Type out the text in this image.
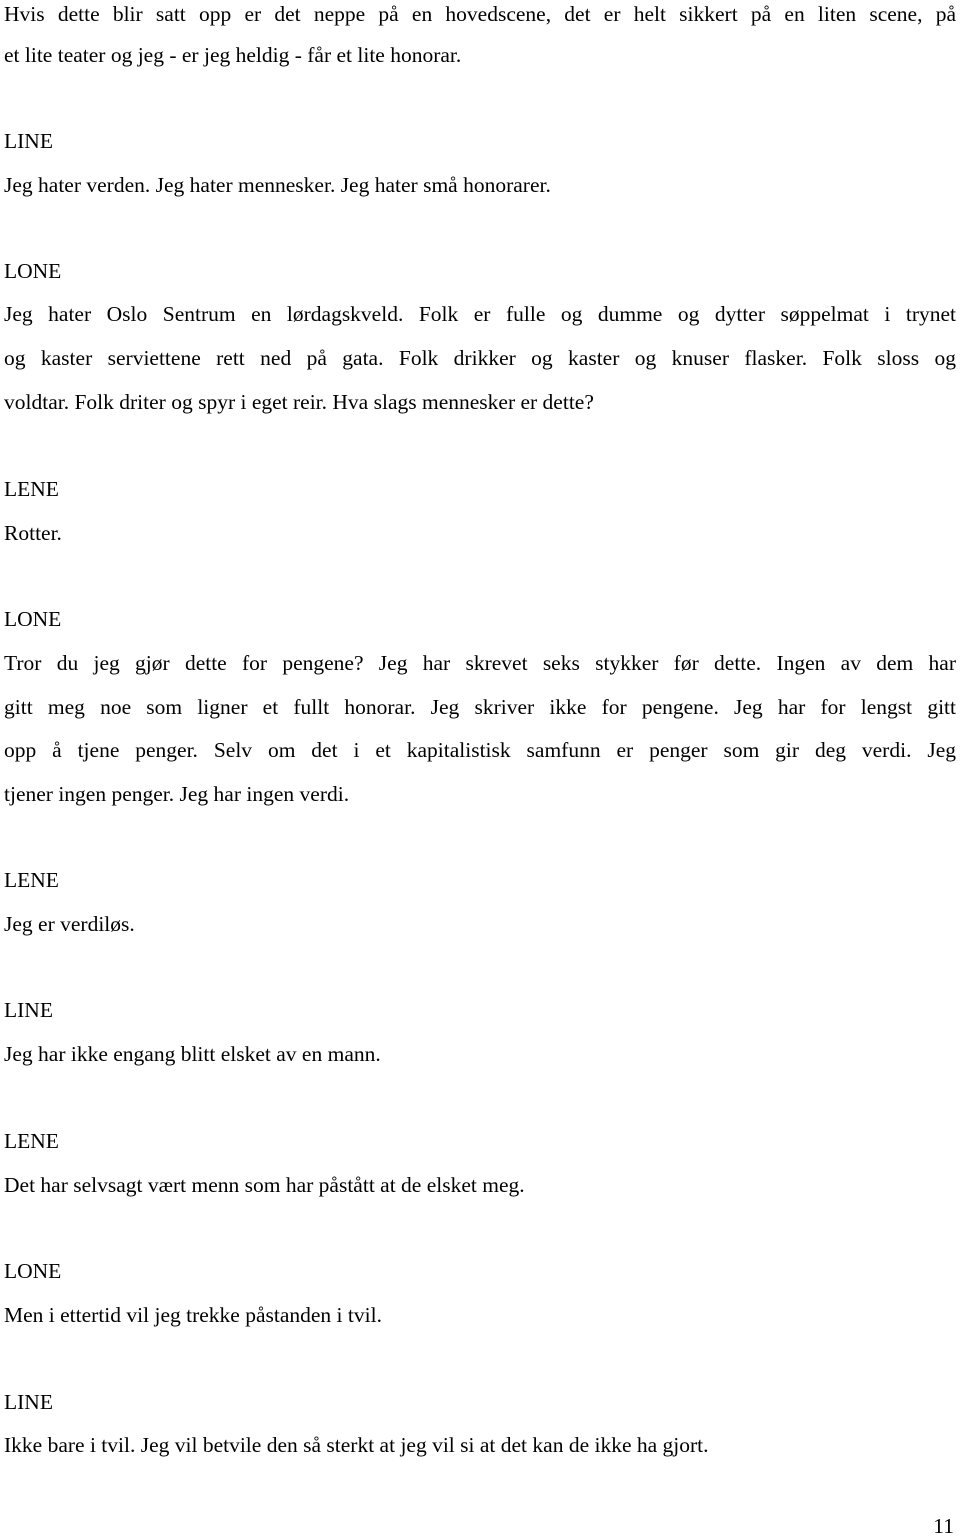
Hvis dette blir satt opp er det neppe på en hovedscene, det er helt sikkert på en liten scene, på
et lite teater og jeg - er jeg heldig - får et lite honorar.
LINE
Jeg hater verden. Jeg hater mennesker. Jeg hater små honorarer.
LONE
Jeg hater Oslo Sentrum en lørdagskveld. Folk er fulle og dumme og dytter søppelmat i trynet
og kaster serviettene rett ned på gata. Folk drikker og kaster og knuser flasker. Folk sloss og
voldtar. Folk driter og spyr i eget reir. Hva slags mennesker er dette?
LENE
Rotter.
LONE
Tror du jeg gjør dette for pengene? Jeg har skrevet seks stykker før dette. Ingen av dem har
gitt meg noe som ligner et fullt honorar. Jeg skriver ikke for pengene. Jeg har for lengst gitt
opp å tjene penger. Selv om det i et kapitalistisk samfunn er penger som gir deg verdi. Jeg
tjener ingen penger. Jeg har ingen verdi.
LENE
Jeg er verdiløs.
LINE
Jeg har ikke engang blitt elsket av en mann.
LENE
Det har selvsagt vært menn som har påstått at de elsket meg.
LONE
Men i ettertid vil jeg trekke påstanden i tvil.
LINE
Ikke bare i tvil. Jeg vil betvile den så sterkt at jeg vil si at det kan de ikke ha gjort.
11
